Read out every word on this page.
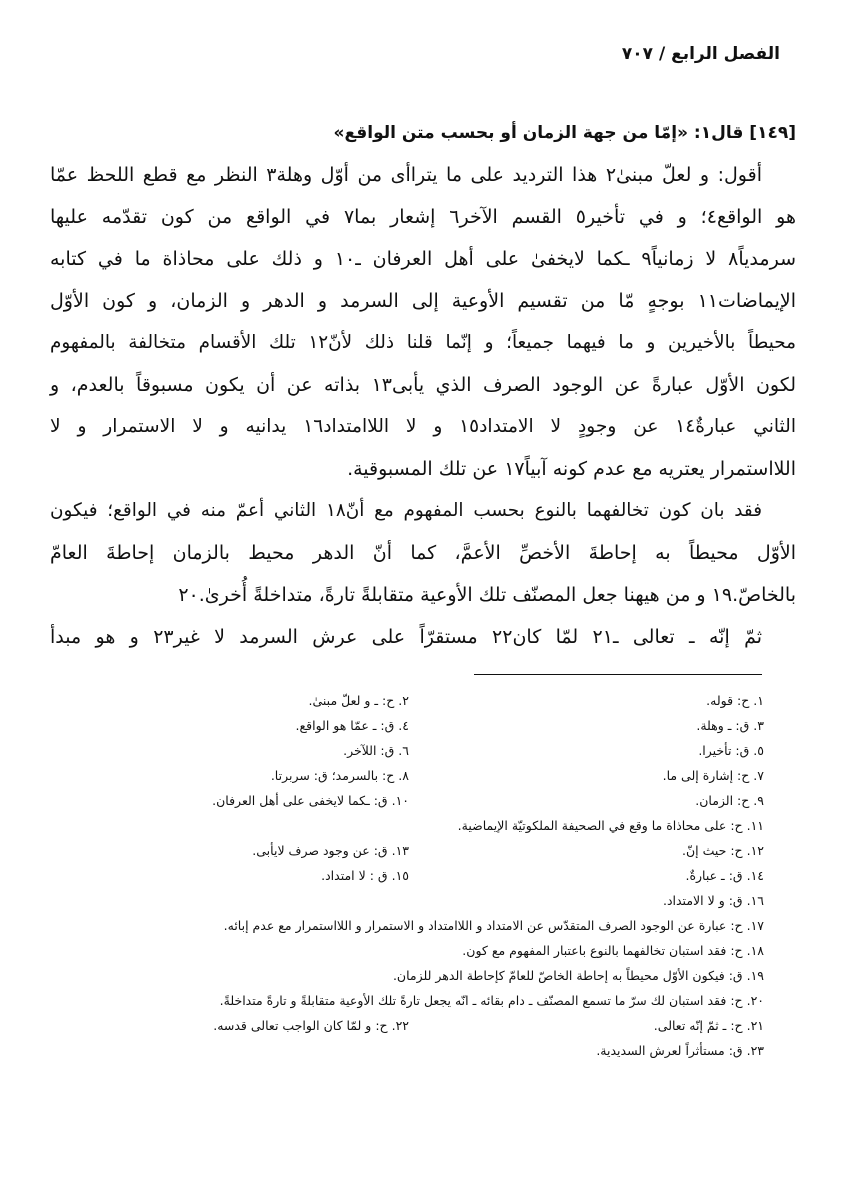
الفصل الرابع / ٧٠٧
[١٤٩] قال١: «إمّا من جهة الزمان أو بحسب متن الواقع»
أقول: و لعلّ مبنىٰ٢ هذا الترديد على ما يتراأى من أوّل وهلة٣ النظر مع قطع اللحظ عمّا
هو الواقع٤؛ و في تأخير٥ القسم الآخر٦ إشعار بما٧ في الواقع من كون تقدّمه عليها
سرمدياً٨ لا زمانياً٩ ـكما لايخفىٰ على أهل العرفان ـ١٠ و ذلك على محاذاة ما في كتابه
الإيماضات١١ بوجهٍ مّا من تقسيم الأوعية إلى السرمد و الدهر و الزمان، و كون الأوّل
محيطاً بالأخيرين و ما فيهما جميعاً؛ و إنّما قلنا ذلك لأنّ١٢ تلك الأقسام متخالفة بالمفهوم
لكون الأوّل عبارةً عن الوجود الصرف الذي يأبى١٣ بذاته عن أن يكون مسبوقاً بالعدم، و
الثاني عبارةٌ١٤ عن وجودٍ لا الامتداد١٥ و لا اللاامتداد١٦ يدانيه و لا الاستمرار و لا
اللااستمرار يعتريه مع عدم كونه آبياً١٧ عن تلك المسبوقية.
فقد بان كون تخالفهما بالنوع بحسب المفهوم مع أنّ١٨ الثاني أعمّ منه في الواقع؛ فيكون
الأوّل محيطاً به إحاطةَ الأخصِّ الأعمَّ، كما أنّ الدهر محيط بالزمان إحاطةَ العامّ
بالخاصّ.١٩ و من هيهنا جعل المصنّف تلك الأوعية متقابلةً تارةً، متداخلةً أُخرىٰ.٢٠
ثمّ إنّه ـ تعالى ـ٢١ لمّا كان٢٢ مستقرّاً على عرش السرمد لا غير٢٣ و هو مبدأ
١. ح: قوله.
٢. ح: ـ و لعلّ مبنىٰ.
٣. ق: ـ وهلة.
٤. ق: ـ عمّا هو الواقع.
٥. ق: تأخيرا.
٦. ق: اللآخر.
٧. ح: إشارة إلى ما.
٨. ح: بالسرمد؛ ق: سربرتا.
٩. ح: الزمان.
١٠. ق: ـكما لايخفى على أهل العرفان.
١١. ح: على محاذاة ما وقع في الصحيفة الملكوتيّة الإيماضية.
١٢. ح: حيث إنّ.
١٣. ق: عن وجود صرف لايأبى.
١٤. ق: ـ عبارةٌ.
١٥. ق : لا امتداد.
١٦. ق: و لا الامتداد.
١٧. ح: عبارة عن الوجود الصرف المتقدّس عن الامتداد و اللاامتداد و الاستمرار و اللااستمرار مع عدم إبائه.
١٨. ح: فقد استبان تخالفهما بالنوع باعتبار المفهوم مع كون.
١٩. ق: فيكون الأوّل محيطاً به إحاطة الخاصّ للعامّ كإحاطة الدهر للزمان.
٢٠. ح: فقد استبان لك سرّ ما تسمع المصنّف ـ دام بقائه ـ انّه يجعل تارةً تلك الأوعية متقابلةً و تارةً متداخلةً.
٢١. ح: ـ ثمّ إنّه تعالى.
٢٢. ح: و لمّا كان الواجب تعالى قدسه.
٢٣. ق: مستأثراً لعرش السديدية.
